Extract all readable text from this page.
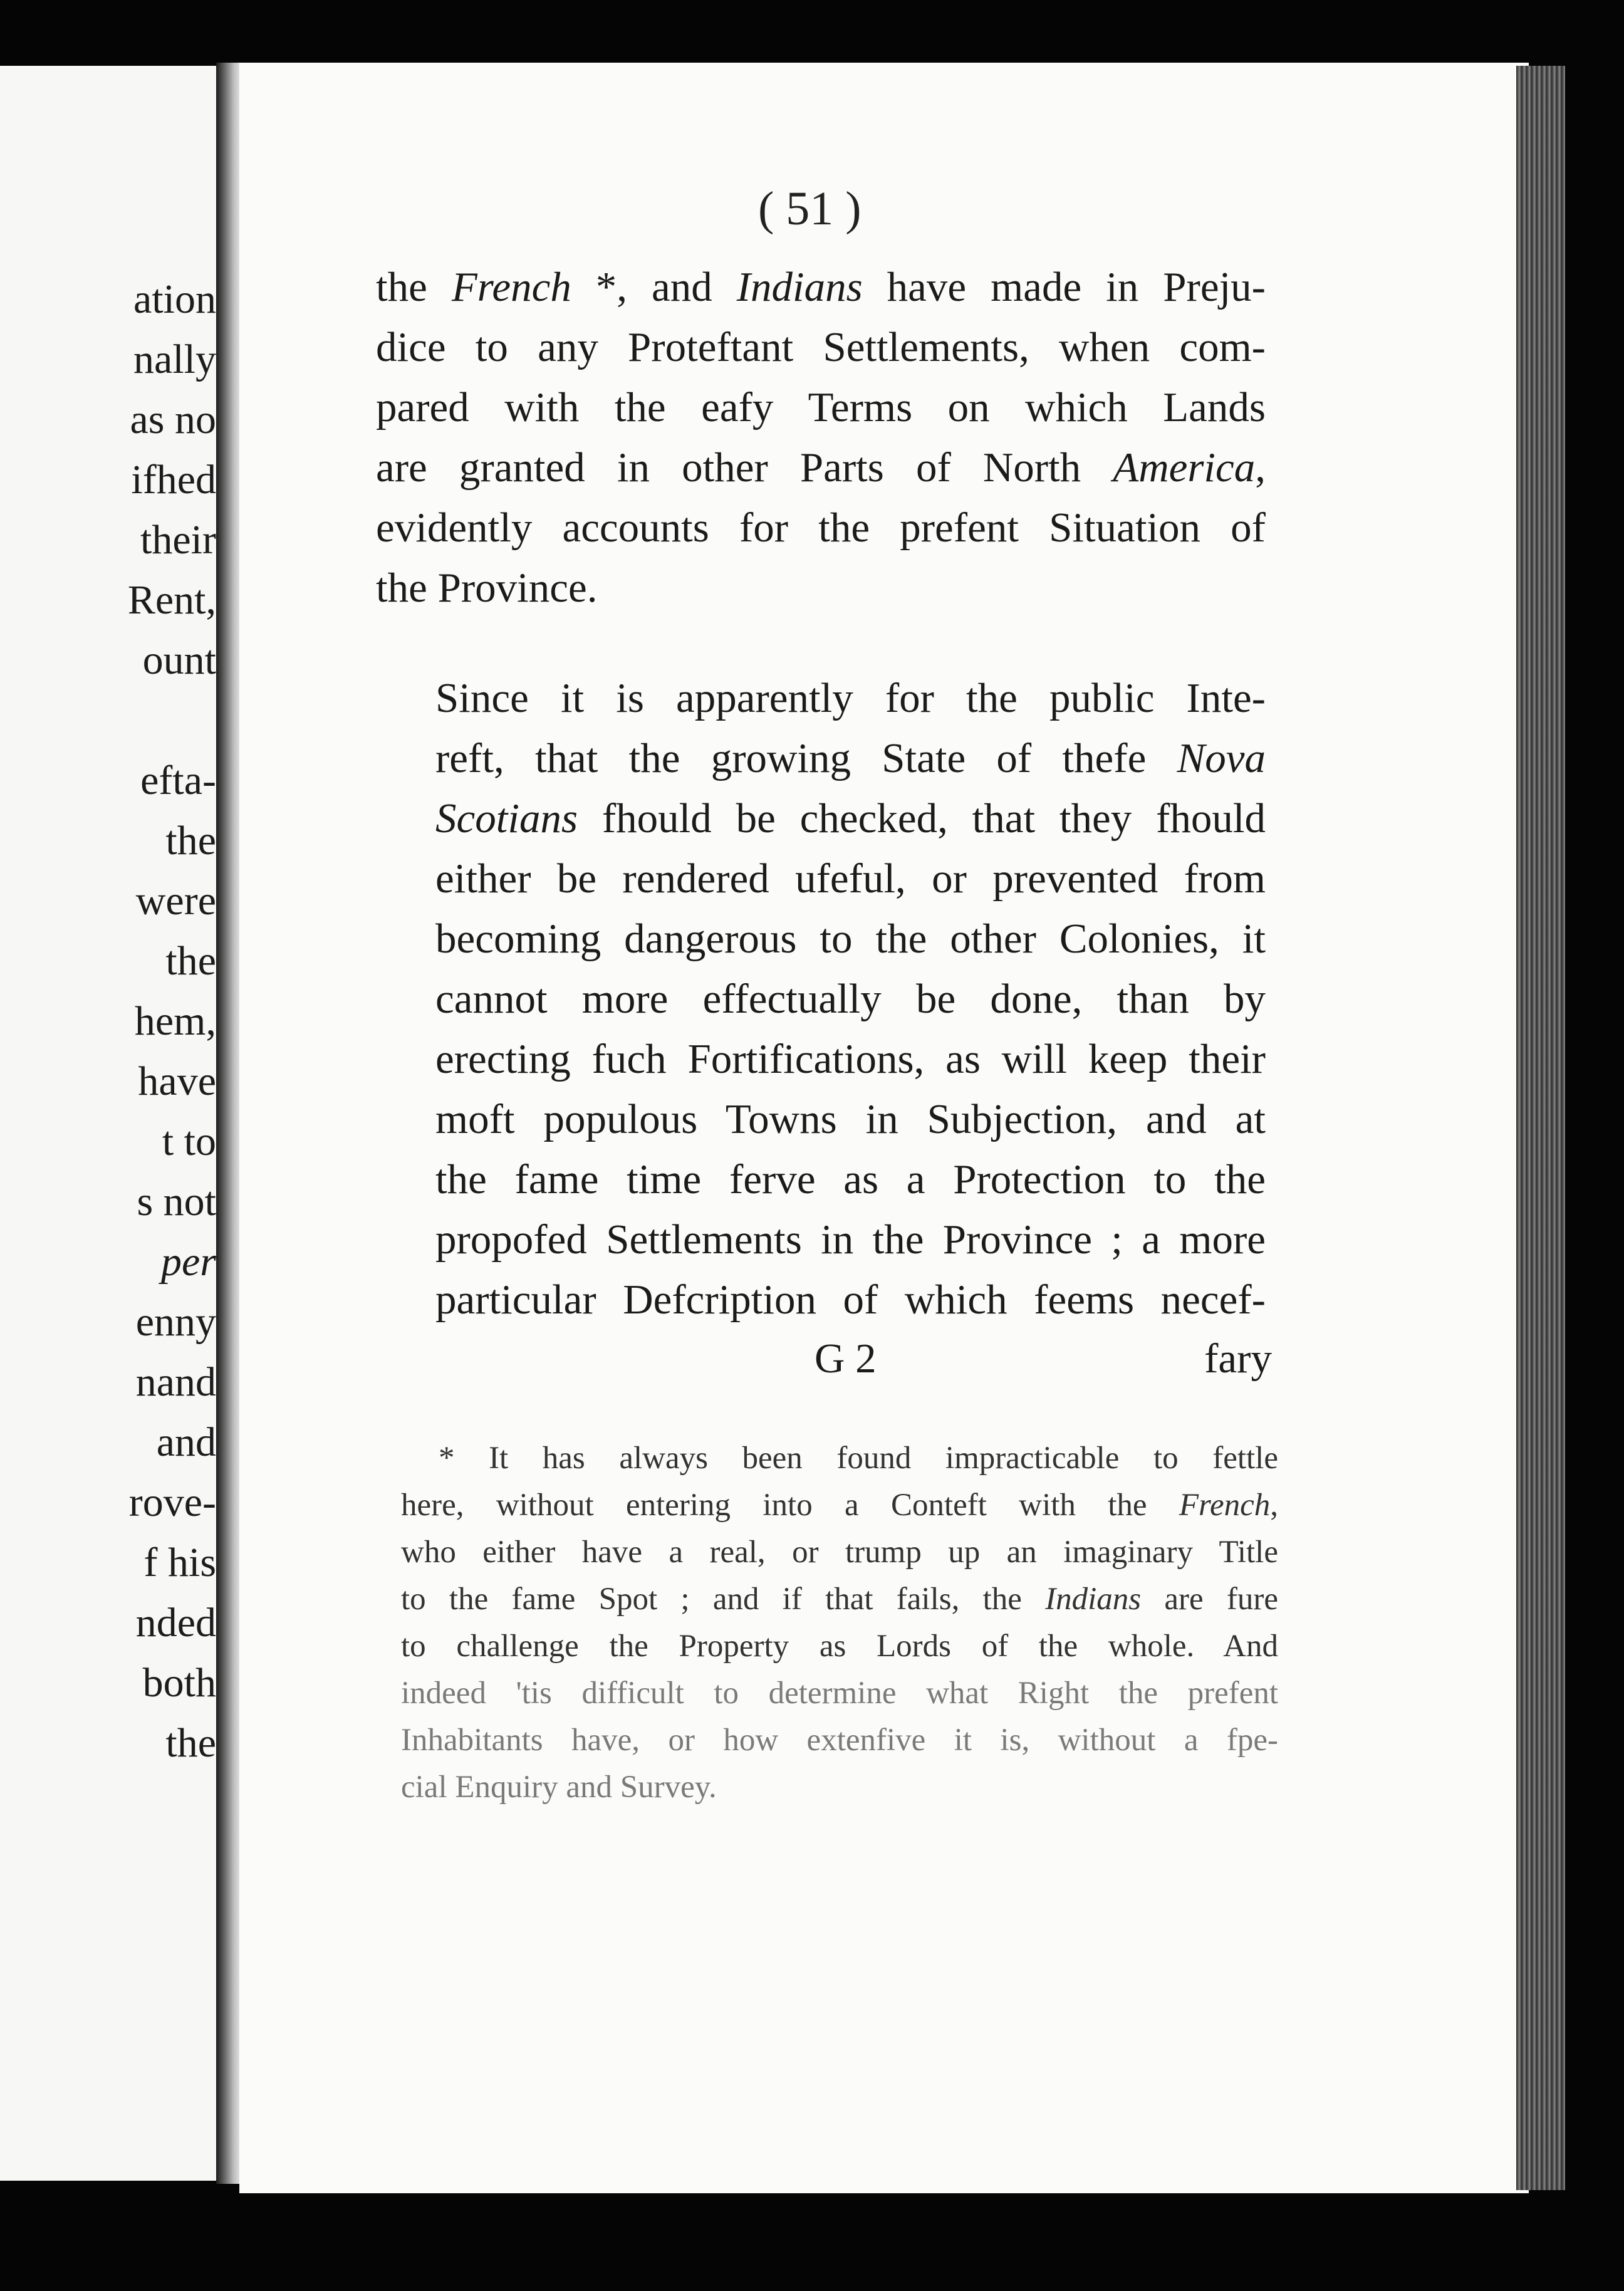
ation
nally
as no
ifhed
their
Rent,
ount
efta-
the
were
the
hem,
have
t to
s not
per
enny
nand
and
rove-
f his
nded
both
the
( 51 )

the French *, and Indians have made in Preju-
dice to any Proteftant Settlements, when com-
pared with the eafy Terms on which Lands
are granted in other Parts of North America,
evidently accounts for the prefent Situation of
the Province.

Since it is apparently for the public Inte-
reft, that the growing State of thefe Nova
Scotians fhould be checked, that they fhould
either be rendered ufeful, or prevented from
becoming dangerous to the other Colonies, it
cannot more effectually be done, than by
erecting fuch Fortifications, as will keep their
moft populous Towns in Subjection, and at
the fame time ferve as a Protection to the
propofed Settlements in the Province ; a more
particular Defcription of which feems necef-

G 2	fary
* It has always been found impracticable to fettle
here, without entering into a Conteft with the French,
who either have a real, or trump up an imaginary Title
to the fame Spot ; and if that fails, the Indians are fure
to challenge the Property as Lords of the whole. And
indeed 'tis difficult to determine what Right the prefent
Inhabitants have, or how extenfive it is, without a fpe-
cial Enquiry and Survey.
